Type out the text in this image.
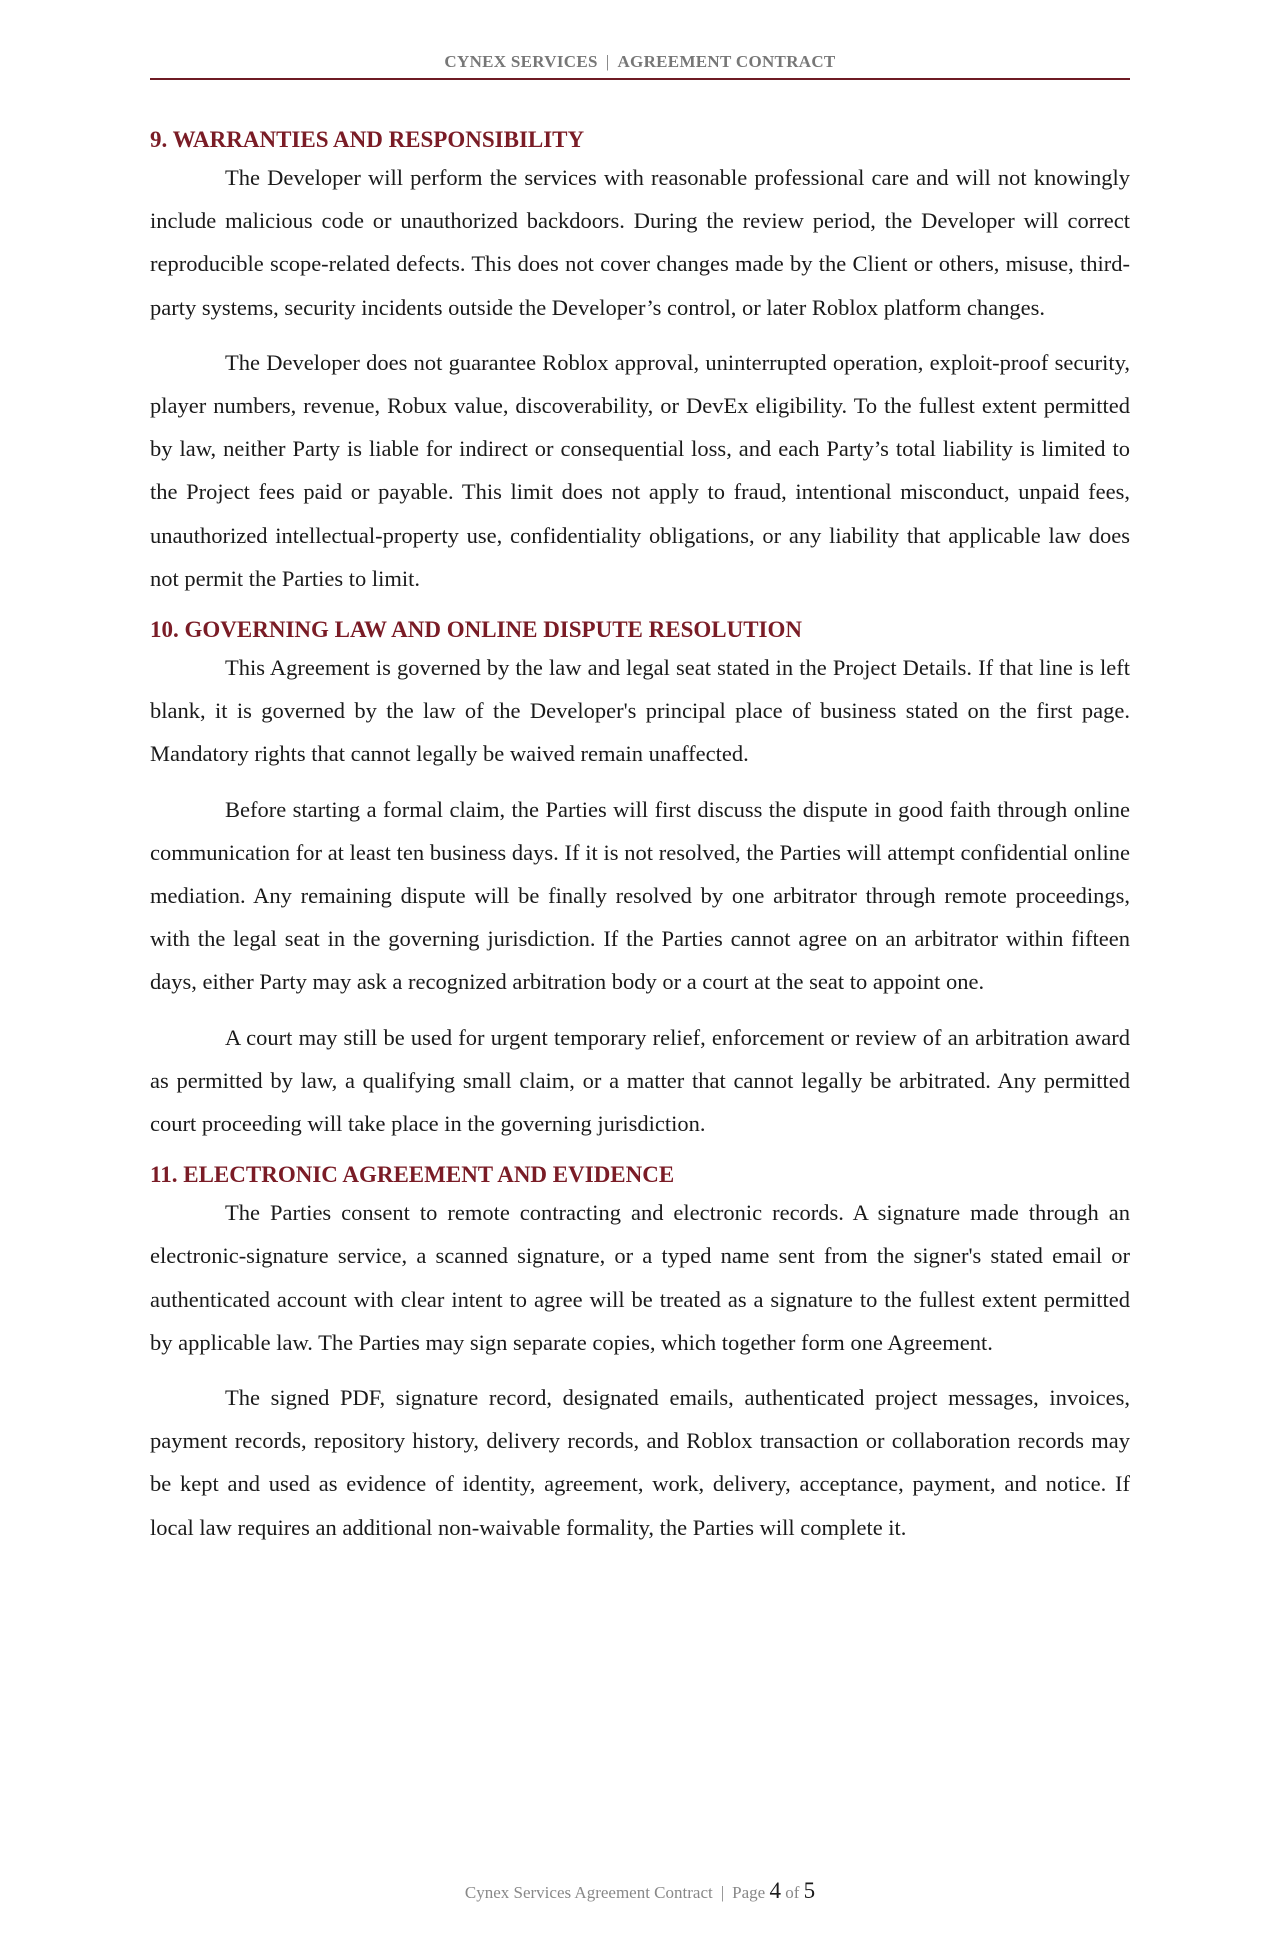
CYNEX SERVICES | AGREEMENT CONTRACT
9. WARRANTIES AND RESPONSIBILITY

The Developer will perform the services with reasonable professional care and will not knowingly include malicious code or unauthorized backdoors. During the review period, the Developer will correct reproducible scope-related defects. This does not cover changes made by the Client or others, misuse, third-party systems, security incidents outside the Developer’s control, or later Roblox platform changes.

The Developer does not guarantee Roblox approval, uninterrupted operation, exploit-proof security, player numbers, revenue, Robux value, discoverability, or DevEx eligibility. To the fullest extent permitted by law, neither Party is liable for indirect or consequential loss, and each Party’s total liability is limited to the Project fees paid or payable. This limit does not apply to fraud, intentional misconduct, unpaid fees, unauthorized intellectual-property use, confidentiality obligations, or any liability that applicable law does not permit the Parties to limit.

10. GOVERNING LAW AND ONLINE DISPUTE RESOLUTION

This Agreement is governed by the law and legal seat stated in the Project Details. If that line is left blank, it is governed by the law of the Developer's principal place of business stated on the first page. Mandatory rights that cannot legally be waived remain unaffected.

Before starting a formal claim, the Parties will first discuss the dispute in good faith through online communication for at least ten business days. If it is not resolved, the Parties will attempt confidential online mediation. Any remaining dispute will be finally resolved by one arbitrator through remote proceedings, with the legal seat in the governing jurisdiction. If the Parties cannot agree on an arbitrator within fifteen days, either Party may ask a recognized arbitration body or a court at the seat to appoint one.

A court may still be used for urgent temporary relief, enforcement or review of an arbitration award as permitted by law, a qualifying small claim, or a matter that cannot legally be arbitrated. Any permitted court proceeding will take place in the governing jurisdiction.

11. ELECTRONIC AGREEMENT AND EVIDENCE

The Parties consent to remote contracting and electronic records. A signature made through an electronic-signature service, a scanned signature, or a typed name sent from the signer's stated email or authenticated account with clear intent to agree will be treated as a signature to the fullest extent permitted by applicable law. The Parties may sign separate copies, which together form one Agreement.

The signed PDF, signature record, designated emails, authenticated project messages, invoices, payment records, repository history, delivery records, and Roblox transaction or collaboration records may be kept and used as evidence of identity, agreement, work, delivery, acceptance, payment, and notice. If local law requires an additional non-waivable formality, the Parties will complete it.

Cynex Services Agreement Contract | Page 4 of 5
